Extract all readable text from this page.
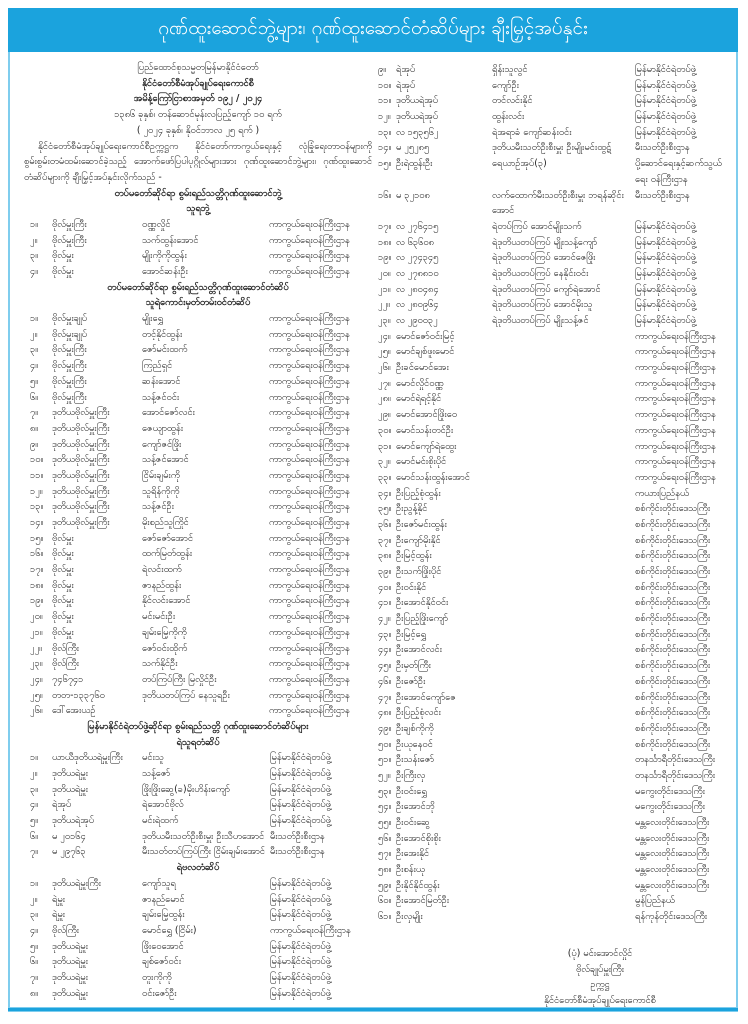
ဂုဏ်ထူးဆောင်ဘွဲ့များ၊ ဂုဏ်ထူးဆောင်တံဆိပ်များ ချီးမြှင့်အပ်နှင်း
ပြည်ထောင်စုသမ္မတမြန်မာနိုင်ငံတော်
နိုင်ငံတော်စီမံအုပ်ချုပ်ရေးကောင်စီ
အမိန့်ကြော်ငြာစာအမှတ် ၁၉၂ / ၂၀၂၄
၁၃၈၆ ခုနှစ်၊ တန်ဆောင်မုန်းလပြည့်ကျော် ၁၀ ရက်
( ၂၀၂၄ ခုနှစ်၊ နိုဝင်ဘာလ ၂၅ ရက် )
နိုင်ငံတော်စီမံအုပ်ချုပ်ရေးကောင်စီဥက္ကဋ္ဌက နိုင်ငံတော်ကာကွယ်ရေးနှင့် လုံခြုံရေးတာဝန်များကို စွမ်းစွမ်းတမံထမ်းဆောင်ခဲ့သည့် အောက်ဖော်ပြပါပုဂ္ဂိုလ်များအား ဂုဏ်ထူးဆောင်ဘွဲ့များ၊ ဂုဏ်ထူးဆောင် တံဆိပ်များကို ချီးမြှင့်အပ်နှင်းလိုက်သည် -
တပ်မတော်ဆိုင်ရာ စွမ်းရည်သတ္တိဂုဏ်ထူးဆောင်ဘွဲ့
သူရဘွဲ့
၁။	ဗိုလ်မှူးကြီး	ဝဏ္ဏလှိုင်	ကာကွယ်ရေးဝန်ကြီးဌာန
၂။	ဗိုလ်မှူးကြီး	သက်ထွန်းအောင်	ကာကွယ်ရေးဝန်ကြီးဌာန
၃။	ဗိုလ်မှူး	မျိုးကိုကိုထွန်း	ကာကွယ်ရေးဝန်ကြီးဌာန
၄။	ဗိုလ်မှူး	အောင်ဆန်းဦး	ကာကွယ်ရေးဝန်ကြီးဌာန
တပ်မတော်ဆိုင်ရာ စွမ်းရည်သတ္တိဂုဏ်ထူးဆောင်တံဆိပ်
သူရဲကောင်းမှတ်တမ်းဝင်တံဆိပ်
၁။	ဗိုလ်မှူးချုပ်	မျိုးရွှေ	ကာကွယ်ရေးဝန်ကြီးဌာန
၂။	ဗိုလ်မှူးချုပ်	တင့်နိုင်ထွန်း	ကာကွယ်ရေးဝန်ကြီးဌာန
၃။	ဗိုလ်မှူးကြီး	ဇော်မင်းထက်	ကာကွယ်ရေးဝန်ကြီးဌာန
၄။	ဗိုလ်မှူးကြီး	ကြည်ရှင်	ကာကွယ်ရေးဝန်ကြီးဌာန
၅။	ဗိုလ်မှူးကြီး	ဆန်းအောင်	ကာကွယ်ရေးဝန်ကြီးဌာန
၆။	ဗိုလ်မှူးကြီး	သန့်ဇင်ဝင်း	ကာကွယ်ရေးဝန်ကြီးဌာန
၇။	ဒုတိယဗိုလ်မှူးကြီး	အောင်ဇော်လင်း	ကာကွယ်ရေးဝန်ကြီးဌာန
၈။	ဒုတိယဗိုလ်မှူးကြီး	ဇေယျာထွန်း	ကာကွယ်ရေးဝန်ကြီးဌာန
၉။	ဒုတိယဗိုလ်မှူးကြီး	ကျော်ဇင်ဖြိုး	ကာကွယ်ရေးဝန်ကြီးဌာန
၁၀။ ဒုတိယဗိုလ်မှူးကြီး	သန့်ဇင်အောင်	ကာကွယ်ရေးဝန်ကြီးဌာန
၁၁။ ဒုတိယဗိုလ်မှူးကြီး	ငြိမ်းချမ်းကို	ကာကွယ်ရေးဝန်ကြီးဌာန
၁၂။	ဒုတိယဗိုလ်မှူးကြီး	သူရိန်ကိုကို	ကာကွယ်ရေးဝန်ကြီးဌာန
၁၃။ ဒုတိယဗိုလ်မှူးကြီး	သန့်ဇင်ဦး	ကာကွယ်ရေးဝန်ကြီးဌာန
၁၄။ ဒုတိယဗိုလ်မှူးကြီး	မိုးစည်သူကြိုင်	ကာကွယ်ရေးဝန်ကြီးဌာန
၁၅။ ဗိုလ်မှူး	ဇော်ဇော်အောင်	ကာကွယ်ရေးဝန်ကြီးဌာန
၁၆။ ဗိုလ်မှူး	ထက်မြတ်ထွန်း	ကာကွယ်ရေးဝန်ကြီးဌာန
၁၇။ ဗိုလ်မှူး	ရဲလင်းထက်	ကာကွယ်ရေးဝန်ကြီးဌာန
၁၈။ ဗိုလ်မှူး	ဇာနည်ထွန်း	ကာကွယ်ရေးဝန်ကြီးဌာန
၁၉။ ဗိုလ်မှူး	နိုင်လင်းအောင်	ကာကွယ်ရေးဝန်ကြီးဌာန
၂၀။	ဗိုလ်မှူး	မင်းမင်းဦး	ကာကွယ်ရေးဝန်ကြီးဌာန
၂၁။	ဗိုလ်မှူး	ချမ်းမြေ့ကိုကို	ကာကွယ်ရေးဝန်ကြီးဌာန
၂၂။	ဗိုလ်ကြီး	ဇော်ဝင်းထိုက်	ကာကွယ်ရေးဝန်ကြီးဌာန
၂၃။	ဗိုလ်ကြီး	သက်နိုင်ဦး	ကာကွယ်ရေးဝန်ကြီးဌာန
၂၄။	၇၄၆၇၄၁	တပ်ကြပ်ကြီး မြလှိုင်ဦး	ကာကွယ်ရေးဝန်ကြီးဌာန
၂၅။	တတ-၁၃၃၇၆၀	ဒုတိယတပ်ကြပ် နေသူရဦး	ကာကွယ်ရေးဝန်ကြီးဌာန
၂၆။	ဒေါ်အေးယဉ်	ကာကွယ်ရေးဝန်ကြီးဌာန
မြန်မာနိုင်ငံရဲတပ်ဖွဲ့ဆိုင်ရာ စွမ်းရည်သတ္တိ ဂုဏ်ထူးဆောင်တံဆိပ်များ
ရဲသူရတံဆိပ်
၁။	ယာယီဒုတိယရဲမှူးကြီး	မင်းသူ	မြန်မာနိုင်ငံရဲတပ်ဖွဲ့
၂။	ဒုတိယရဲမှူး	သန့်ဇော်	မြန်မာနိုင်ငံရဲတပ်ဖွဲ့
၃။	ဒုတိယရဲမှူး	ဖြိုးဖြိုးဆွေ(ခ)မိုးဟိန်းကျော်	မြန်မာနိုင်ငံရဲတပ်ဖွဲ့
၄။	ရဲအုပ်	ရဲအောင်ဗိုလ်	မြန်မာနိုင်ငံရဲတပ်ဖွဲ့
၅။	ဒုတိယရဲအုပ်	မင်းရဲထက်	မြန်မာနိုင်ငံရဲတပ်ဖွဲ့
၆။	မ ၂၀၁၆၄	ဒုတိယမီးသတ်ဦးစီးမှူး ဦးသီဟအောင် မီးသတ်ဦးစီးဌာန
၇။	မ ၂၉၇၆၃	မီးသတ်တပ်ကြပ်ကြီး ငြိမ်းချမ်းအောင် မီးသတ်ဦးစီးဌာန
ရဲဗလတံဆိပ်
၁။	ဒုတိယရဲမှူးကြီး	ကျော်သူရ	မြန်မာနိုင်ငံရဲတပ်ဖွဲ့
၂။	ရဲမှူး	ဇာနည်မောင်	မြန်မာနိုင်ငံရဲတပ်ဖွဲ့
၃။	ရဲမှူး	ချမ်းမြေ့ထွန်း	မြန်မာနိုင်ငံရဲတပ်ဖွဲ့
၄။	ဗိုလ်ကြီး	မောင်ရွှေ (ငြိမ်း)	ကာကွယ်ရေးဝန်ကြီးဌာန
၅။	ဒုတိယရဲမှူး	ဖြိုးဝေအောင်	မြန်မာနိုင်ငံရဲတပ်ဖွဲ့
၆။	ဒုတိယရဲမှူး	ချစ်ဇော်ဝင်း	မြန်မာနိုင်ငံရဲတပ်ဖွဲ့
၇။	ဒုတိယရဲမှူး	တူးကိုကို	မြန်မာနိုင်ငံရဲတပ်ဖွဲ့
၈။	ဒုတိယရဲမှူး	ဝင်းဇော်ဦး	မြန်မာနိုင်ငံရဲတပ်ဖွဲ့
၉။	ရဲအုပ်	ရှိန်းသူလွင်	မြန်မာနိုင်ငံရဲတပ်ဖွဲ့
၁၀။ ရဲအုပ်	ကျော်ဦး	မြန်မာနိုင်ငံရဲတပ်ဖွဲ့
၁၁။ ဒုတိယရဲအုပ်	တင်လင်းနိုင်	မြန်မာနိုင်ငံရဲတပ်ဖွဲ့
၁၂။ ဒုတိယရဲအုပ်	ထွန်းလင်း	မြန်မာနိုင်ငံရဲတပ်ဖွဲ့
၁၃။ လ ၁၅၃၅၆၂	ရဲအရာခံ ကျော်ဆန်းဝင်း	မြန်မာနိုင်ငံရဲတပ်ဖွဲ့
၁၄။ မ ၂၅၂၈၅	ဒုတိယမီးသတ်ဦးစီးမှူး ဦးမျိုးမင်းထွဋ်	မီးသတ်ဦးစီးဌာန
၁၅။ ဦးရဲထွန်းဦး	ရေယာဉ်အုပ်(၃)	ပို့ဆောင်ရေးနှင့်ဆက်သွယ်ရေး ဝန်ကြီးဌာန
၁၆။ မ ၃၂၁၀၈	လက်ထောက်မီးသတ်ဦးစီးမှူး ဘရန်ဆိုင်းအောင်
မီးသတ်ဦးစီးဌာန
၁၇။ လ ၂၇၆၄၁၅	ရဲတပ်ကြပ် အောင်မျိုးသက်	မြန်မာနိုင်ငံရဲတပ်ဖွဲ့
၁၈။ လ ၆၃၆၀၈	ရဲဒုတိယတပ်ကြပ် မျိုးသန့်ကျော်	မြန်မာနိုင်ငံရဲတပ်ဖွဲ့
၁၉။ လ ၂၇၄၃၄၅	ရဲဒုတိယတပ်ကြပ် အောင်ဇေဖြိုး	မြန်မာနိုင်ငံရဲတပ်ဖွဲ့
၂၀။ လ ၂၇၈၈၁၀	ရဲဒုတိယတပ်ကြပ် နေနိုင်းဝင်း	မြန်မာနိုင်ငံရဲတပ်ဖွဲ့
၂၁။ လ ၂၈၀၄၈၄	ရဲဒုတိယတပ်ကြပ် ကျော်ရဲအောင်	မြန်မာနိုင်ငံရဲတပ်ဖွဲ့
၂၂။ လ ၂၈၀၉၆၄	ရဲဒုတိယတပ်ကြပ် အောင်မိုးသူ	မြန်မာနိုင်ငံရဲတပ်ဖွဲ့
၂၃။ လ ၂၉၀၀၃၂	ရဲဒုတိယတပ်ကြပ် မျိုးသန့်ဇင်	မြန်မာနိုင်ငံရဲတပ်ဖွဲ့
၂၄။ မောင်ဇော်ဝင်းမြင့်	ကာကွယ်ရေးဝန်ကြီးဌာန
၂၅။ မောင်ချစ်ဖူးမောင်	ကာကွယ်ရေးဝန်ကြီးဌာန
၂၆။ ဦးခင်မောင်အေး	ကာကွယ်ရေးဝန်ကြီးဌာန
၂၇။ မောင်လှိုင်ဝဏ္ဏ	ကာကွယ်ရေးဝန်ကြီးဌာန
၂၈။ မောင်ရဲရင့်နိုင်	ကာကွယ်ရေးဝန်ကြီးဌာန
၂၉။ မောင်အောင်ဖြိုးဝေ	ကာကွယ်ရေးဝန်ကြီးဌာန
၃၀။ မောင်သန်းတင်ဦး	ကာကွယ်ရေးဝန်ကြီးဌာန
၃၁။ မောင်ကျော်ရဲထွေး	ကာကွယ်ရေးဝန်ကြီးဌာန
၃၂။ မောင်မင်းစိုးပိုင်	ကာကွယ်ရေးဝန်ကြီးဌာန
၃၃။ မောင်သန်းထွန်းအောင်	ကာကွယ်ရေးဝန်ကြီးဌာန
၃၄။ ဦးပြည့်စုံထွန်း	ကယားပြည်နယ်
၃၅။ ဦးညွန့်နိုင်	စစ်ကိုင်းတိုင်းဒေသကြီး
၃၆။ ဦးဇော်မင်းထွန်း	စစ်ကိုင်းတိုင်းဒေသကြီး
၃၇။ ဦးကျော်မိုးနိုင်	စစ်ကိုင်းတိုင်းဒေသကြီး
၃၈။ ဦးမြင့်ထွန်း	စစ်ကိုင်းတိုင်းဒေသကြီး
၃၉။ ဦးသက်ဖြိုးပိုင်	စစ်ကိုင်းတိုင်းဒေသကြီး
၄၀။ ဦးဝင်းနိုင်	စစ်ကိုင်းတိုင်းဒေသကြီး
၄၁။ ဦးအောင်နိုင်ဝင်း	စစ်ကိုင်းတိုင်းဒေသကြီး
၄၂။ ဦးပြည့်ဖြိုးကျော်	စစ်ကိုင်းတိုင်းဒေသကြီး
၄၃။ ဦးမြင့်ရွှေ	စစ်ကိုင်းတိုင်းဒေသကြီး
၄၄။ ဦးအောင်လင်း	စစ်ကိုင်းတိုင်းဒေသကြီး
၄၅။ ဦးမှတ်ကြီး	စစ်ကိုင်းတိုင်းဒေသကြီး
၄၆။ ဦးဇော်ဦး	စစ်ကိုင်းတိုင်းဒေသကြီး
၄၇။ ဦးအောင်ကျော်ဇေ	စစ်ကိုင်းတိုင်းဒေသကြီး
၄၈။ ဦးပြည့်စုံလင်း	စစ်ကိုင်းတိုင်းဒေသကြီး
၄၉။ ဦးချစ်ကိုကို	စစ်ကိုင်းတိုင်းဒေသကြီး
၅၀။ ဦးယုနေဝင်	စစ်ကိုင်းတိုင်းဒေသကြီး
၅၁။ ဦးသန်းဇော်	တနင်္သာရီတိုင်းဒေသကြီး
၅၂။ ဦးကြီးလှ	တနင်္သာရီတိုင်းဒေသကြီး
၅၃။ ဦးဝင်းရွှေ	မကွေးတိုင်းဒေသကြီး
၅၄။ ဦးအောင်ဘို	မကွေးတိုင်းဒေသကြီး
၅၅။ ဦးဝင်းဆွေ	မန္တလေးတိုင်းဒေသကြီး
၅၆။ ဦးအောင်စိုးစိုး	မန္တလေးတိုင်းဒေသကြီး
၅၇။ ဦးအေးနိုင်	မန္တလေးတိုင်းဒေသကြီး
၅၈။ ဦးစန်းယု	မန္တလေးတိုင်းဒေသကြီး
၅၉။ ဦးနိုင်နိုင်ထွန်း	မန္တလေးတိုင်းဒေသကြီး
၆၀။ ဦးအောင်မြတ်ဦး	မွန်ပြည်နယ်
၆၁။ ဦးလှမျိုး	ရန်ကုန်တိုင်းဒေသကြီး
(ပုံ) မင်းအောင်လှိုင်
ဗိုလ်ချုပ်မှူးကြီး
ဥက္ကဋ္ဌ
နိုင်ငံတော်စီမံအုပ်ချုပ်ရေးကောင်စီ
